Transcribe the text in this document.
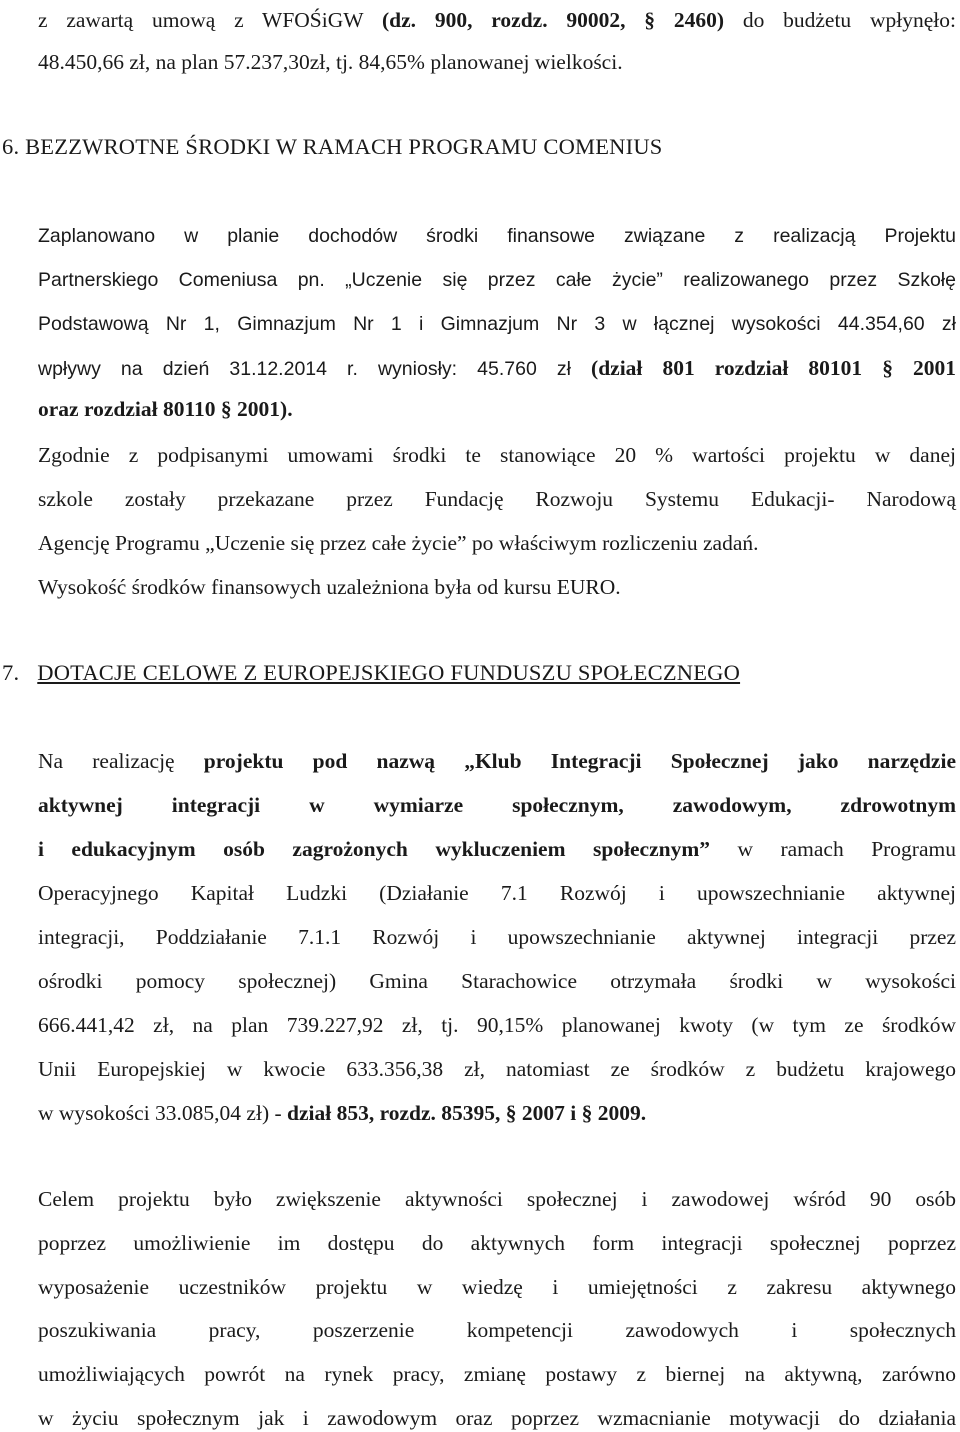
z zawartą umową z WFOŚiGW (dz. 900, rozdz. 90002, § 2460) do budżetu wpłynęło:
48.450,66 zł, na plan 57.237,30zł, tj. 84,65% planowanej wielkości.
6. BEZZWROTNE ŚRODKI W RAMACH PROGRAMU COMENIUS
Zaplanowano w planie dochodów środki finansowe związane z realizacją Projektu
Partnerskiego Comeniusa pn. „Uczenie się przez całe życie” realizowanego przez Szkołę
Podstawową Nr 1, Gimnazjum Nr 1 i Gimnazjum Nr 3 w łącznej wysokości 44.354,60 zł
wpływy na dzień 31.12.2014 r. wyniosły: 45.760 zł (dział 801 rozdział 80101 § 2001
oraz rozdział 80110 § 2001).
Zgodnie z podpisanymi umowami środki te stanowiące 20 % wartości projektu w danej
szkole zostały przekazane przez Fundację Rozwoju Systemu Edukacji- Narodową
Agencję Programu „Uczenie się przez całe życie” po właściwym rozliczeniu zadań.
Wysokość środków finansowych uzależniona była od kursu EURO.
7. DOTACJE CELOWE Z EUROPEJSKIEGO FUNDUSZU SPOŁECZNEGO
Na realizację projektu pod nazwą „Klub Integracji Społecznej jako narzędzie
aktywnej integracji w wymiarze społecznym, zawodowym, zdrowotnym
i edukacyjnym osób zagrożonych wykluczeniem społecznym” w ramach Programu
Operacyjnego Kapitał Ludzki (Działanie 7.1 Rozwój i upowszechnianie aktywnej
integracji, Poddziałanie 7.1.1 Rozwój i upowszechnianie aktywnej integracji przez
ośrodki pomocy społecznej) Gmina Starachowice otrzymała środki w wysokości
666.441,42 zł, na plan 739.227,92 zł, tj. 90,15% planowanej kwoty (w tym ze środków
Unii Europejskiej w kwocie 633.356,38 zł, natomiast ze środków z budżetu krajowego
w wysokości 33.085,04 zł) - dział 853, rozdz. 85395, § 2007 i § 2009.
Celem projektu było zwiększenie aktywności społecznej i zawodowej wśród 90 osób
poprzez umożliwienie im dostępu do aktywnych form integracji społecznej poprzez
wyposażenie uczestników projektu w wiedzę i umiejętności z zakresu aktywnego
poszukiwania pracy, poszerzenie kompetencji zawodowych i społecznych
umożliwiających powrót na rynek pracy, zmianę postawy z biernej na aktywną, zarówno
w życiu społecznym jak i zawodowym oraz poprzez wzmacnianie motywacji do działania
